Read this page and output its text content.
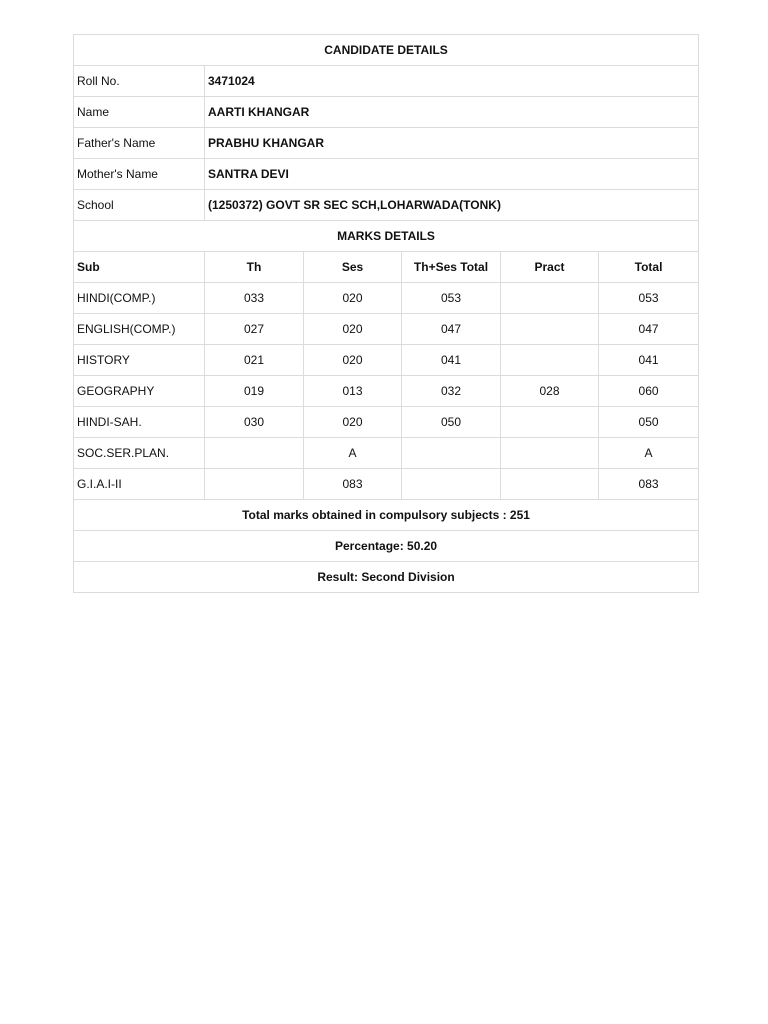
CANDIDATE DETAILS					
Roll No.	3471024				
Name	AARTI KHANGAR				
Father's Name	PRABHU KHANGAR				
Mother's Name	SANTRA DEVI				
School	(1250372) GOVT SR SEC SCH,LOHARWADA(TONK)				
MARKS DETAILS					
Sub	Th	Ses	Th+Ses Total	Pract	Total
HINDI(COMP.)	033	020	053		053
ENGLISH(COMP.)	027	020	047		047
HISTORY	021	020	041		041
GEOGRAPHY	019	013	032	028	060
HINDI-SAH.	030	020	050		050
SOC.SER.PLAN.		A			A
G.I.A.I-II		083			083
Total marks obtained in compulsory subjects : 251					
Percentage: 50.20					
Result: Second Division					
